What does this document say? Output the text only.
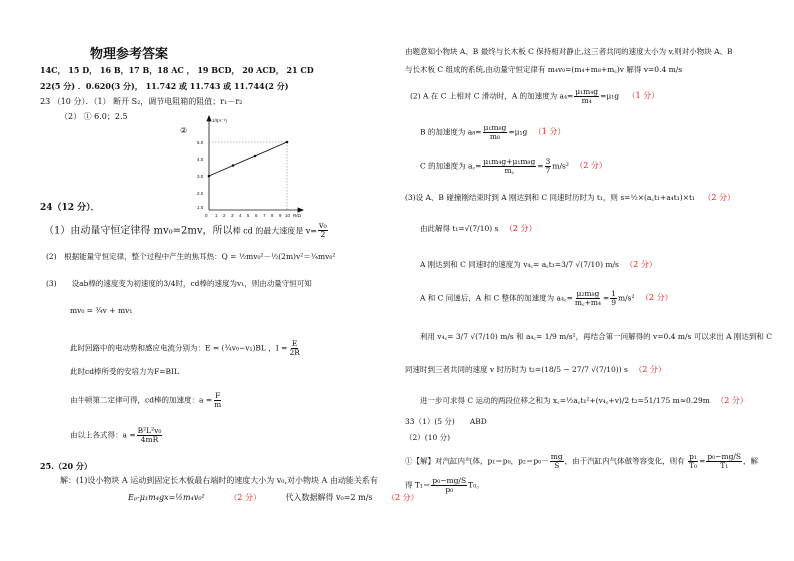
物理参考答案
14C， 15 D， 16 B，17 B，18 AC ， 19 BCD， 20 ACD， 21 CD
22(5 分) ．0.620(3 分)， 11.742 或 11.743 或 11.744(2 分)
23 （10 分）．（1） 断开 S₂，调节电阻箱的阻值；r₁－r₂
（2） ① 6.0；2.5
②
1/I(A⁻¹)
5.0
4.0
3.0
2.0
1.0
0 1 2 3 4 5 6 7 8 9 10 R/Ω
24（12 分）．
（1）由动量守恒定律得 mv₀=2mv，所以棒 cd 的最大速度是 $v= \frac{\text{v₀}}{2}$
(2)　根据能量守恒定律，整个过程中产生的焦耳热：Q = ½mv₀²－½(2m)v²＝¼mv₀²
(3)　　设ab棒的速度变为初速度的3/4时，cd棒的速度为v₁，则由动量守恒可知
mv₀ = ¾v + mv₁
此时回路中的电动势和感应电流分别为：E = (¾v₀−v₁)BL ，$I = \frac{E}{2R}$
此时cd棒所受的安培力为F=BIL
由牛顿第二定律可得，cd棒的加速度：$a = \frac{F}{m}$
由以上各式得：$a = \frac{\text{B²L²v₀}}{4mR}$
25.（20 分）
解：(1)设小物块 A 运动到固定长木板最右端时的速度大小为 v₀,对小物块 A 由动能关系有
Eₚ-μ₁m₄gx=½m₄v₀²	（2 分）	代入数据解得 v₀=2 m/s （2 分）
由题意知小物块 A、B 最终与长木板 C 保持相对静止,这三者共同的速度大小为 v,则对小物块 A、B
与长木板 C 组成的系统,由动量守恒定律有 m₄v₀=(m₄+m₈+m꜀)v 解得 v=0.4 m/s
(2) A 在 C 上相对 C 滑动时，A 的加速度为 $a_4= \frac{\text{μ₁m₄g}}{\text{m₄}} =\mu_1g$ （1 分）
B 的加速度为 $a_8= \frac{\text{μ₁m₈g}}{\text{m₈}} =\mu_1g$ （1 分）
C 的加速度为 a꜀= $\frac{\text{μ₁m₄g+μ₁m₈g}}{m꜀} = \frac{3}{7} m/s^2$ （2 分）
(3)设 A、B 碰撞刚结束时到 A 刚达到和 C 同速时历时为 t₁，则 s=½×(a꜀t₁+a₄t₁)×t₁ （2 分）
由此解得 t₁=√(7/10) s （2 分）
A 刚达到和 C 同速时的速度为 v₄꜀= a꜀t₁=3/7 √(7/10) m/s （2 分）
A 和 C 同速后，A 和 C 整体的加速度为 a₄꜀= $\frac{\text{μ₂m₈g}}{\text{m꜀+m₄}} = \frac{1}{9} m/s^2$ （2 分）
利用 v₄꜀= 3/7 √(7/10) m/s 和 a₄꜀= 1/9 m/s²，再结合第一问解得的 v=0.4 m/s 可以求出 A 刚达到和 C
同速时到三者共同的速度 v 时历时为 t₂=(18/5 − 27/7 √(7/10)) s （2 分）
进一步可求得 C 运动的两段位移之和为 x꜀=½a꜀t₁²+(v₄꜀+v)/2 t₂=51/175 m≈0.29m （2 分）
33（1）(5 分)　　ABD
（2）(10 分)
①【解】对汽缸内气体，p₁＝p₀，$p_2=p_0- \frac{mg}{S}$ ，由于汽缸内气体做等容变化，则有 $\frac{\text{p₁}}{\text{T₀}} = \frac{\text{p₀−mg/S}}{\text{T₁}}$ ，解
得 $T_1= \frac{\text{p₀−mg/S}}{\text{p₀}} T_0$。
